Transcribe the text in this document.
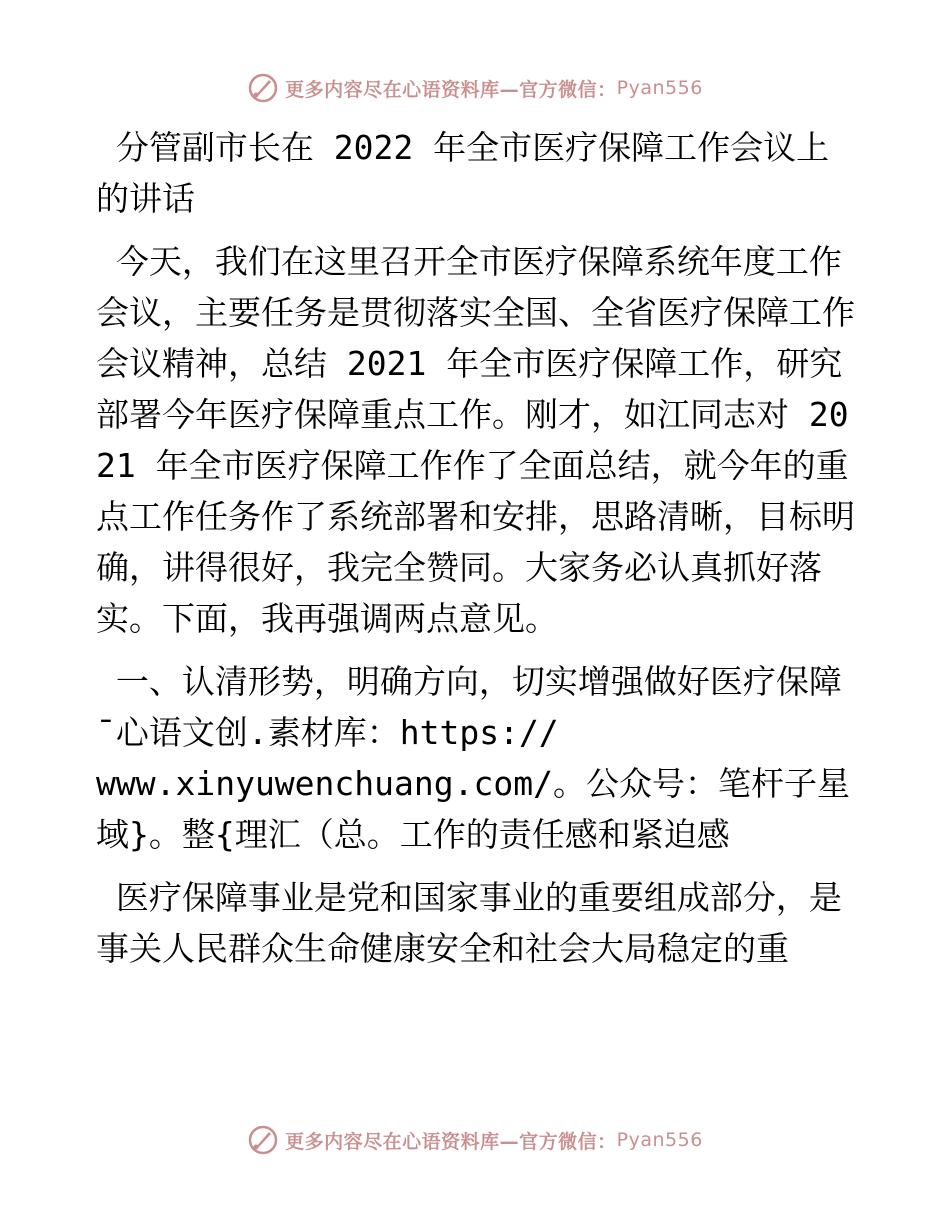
更多内容尽在心语资料库—官方微信： Pyan556

分管副市长在 2022 年全市医疗保障工作会议上的讲话

今天，我们在这里召开全市医疗保障系统年度工作会议，主要任务是贯彻落实全国、全省医疗保障工作会议精神，总结 2021 年全市医疗保障工作，研究部署今年医疗保障重点工作。刚才，如江同志对 2021 年全市医疗保障工作作了全面总结，就今年的重点工作任务作了系统部署和安排，思路清晰，目标明确，讲得很好，我完全赞同。大家务必认真抓好落实。下面，我再强调两点意见。

一、认清形势，明确方向，切实增强做好医疗保障¯心语文创.素材库：https://
www.xinyuwenchuang.com/。公众号：笔杆子星域}。整{理汇（总。工作的责任感和紧迫感

医疗保障事业是党和国家事业的重要组成部分，是事关人民群众生命健康安全和社会大局稳定的重

更多内容尽在心语资料库—官方微信： Pyan556
